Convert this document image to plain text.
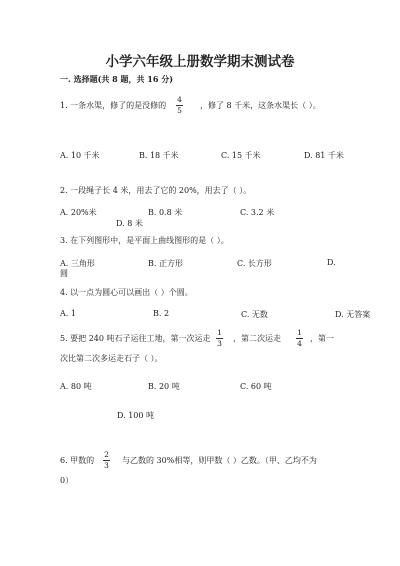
小学六年级上册数学期末测试卷
一. 选择题(共 8 题，共 16 分)
1. 一条水渠，修了的是没修的
4
5
，修了 8 千米，这条水渠长（ ）。
A. 10 千米	B. 18 千米	C. 15 千米	D. 81 千米
2. 一段绳子长 4 米，用去了它的 20%，用去了（ ）。
A. 20%米	B. 0.8 米	C. 3.2 米
D. 8 米
3. 在下列图形中，是平面上曲线图形的是（ ）。
A. 三角形	B. 正方形	C. 长方形	D.
圆
4. 以一点为圆心可以画出（ ）个圆。
A. 1	B. 2	C. 无数	D. 无答案
5. 要把 240 吨石子运往工地，第一次运走
1
3
，第二次运走
1
4
，第一
次比第二次多运走石子（ ）。
A. 80 吨	B. 20 吨	C. 60 吨
D. 100 吨
6. 甲数的
2
3
与乙数的 30%相等，则甲数（ ）乙数。（甲、乙均不为
0）
